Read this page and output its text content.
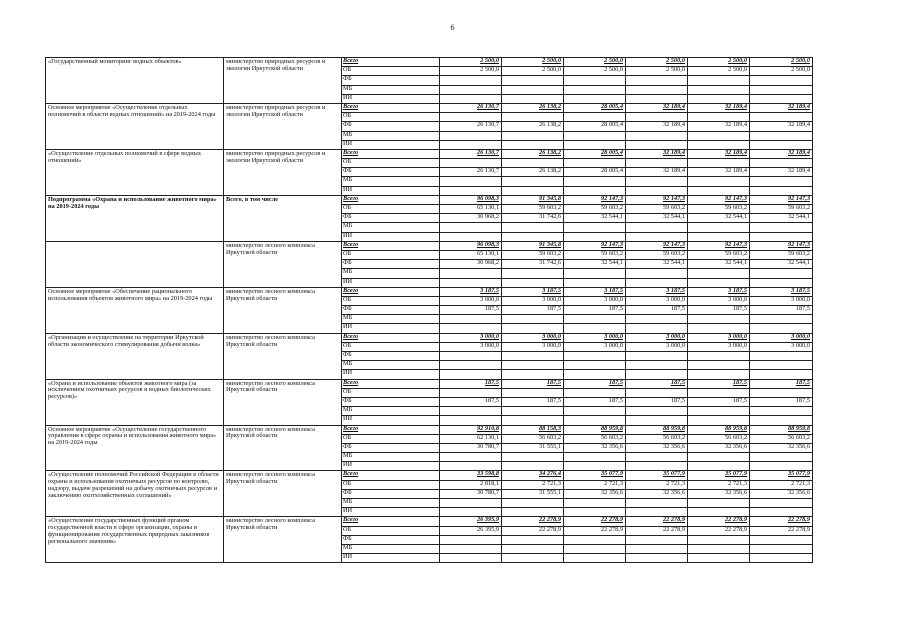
6
«Государственный мониторинг водных объектов»	министерство природных ресурсов и экологии Иркутской области	Всего	2 500,0	2 500,0	2 500,0	2 500,0	2 500,0	2 500,0
		ОБ	2 500,0	2 500,0	2 500,0	2 500,0	2 500,0	2 500,0
		ФБ						
		МБ						
		ИИ						
Основное мероприятие «Осуществление отдельных полномочий в области водных отношений» на 2019-2024 годы	министерство природных ресурсов и экологии Иркутской области	Всего	26 130,7	26 138,2	28 005,4	32 189,4	32 189,4	32 189,4
		ОБ						
		ФБ	26 130,7	26 138,2	28 005,4	32 189,4	32 189,4	32 189,4
		МБ						
		ИИ						
«Осуществление отдельных полномочий в сфере водных отношений»	министерство природных ресурсов и экологии Иркутской области	Всего	26 130,7	26 138,2	28 005,4	32 189,4	32 189,4	32 189,4
		ОБ						
		ФБ	26 130,7	26 138,2	28 005,4	32 189,4	32 189,4	32 189,4
		МБ						
		ИИ						
Подпрограмма «Охрана и использование животного мира» на 2019-2024 годы	Всего, в том числе	Всего	96 098,3	91 345,8	92 147,3	92 147,3	92 147,3	92 147,3
		ОБ	65 130,1	59 603,2	59 603,2	59 603,2	59 603,2	59 603,2
		ФБ	30 968,2	31 742,6	32 544,1	32 544,1	32 544,1	32 544,1
		МБ						
		ИИ						
	министерство лесного комплекса Иркутской области	Всего	96 098,3	91 345,8	92 147,3	92 147,3	92 147,3	92 147,3
		ОБ	65 130,1	59 603,2	59 603,2	59 603,2	59 603,2	59 603,2
		ФБ	30 968,2	31 742,6	32 544,1	32 544,1	32 544,1	32 544,1
		МБ						
		ИИ						
Основное мероприятие «Обеспечение рационального использования объектов животного мира» на 2019-2024 годы	министерство лесного комплекса Иркутской области	Всего	3 187,5	3 187,5	3 187,5	3 187,5	3 187,5	3 187,5
		ОБ	3 000,0	3 000,0	3 000,0	3 000,0	3 000,0	3 000,0
		ФБ	187,5	187,5	187,5	187,5	187,5	187,5
		МБ						
		ИИ						
«Организация и осуществление на территории Иркутской области экономического стимулирования добычи волка»	министерство лесного комплекса Иркутской области	Всего	3 000,0	3 000,0	3 000,0	3 000,0	3 000,0	3 000,0
		ОБ	3 000,0	3 000,0	3 000,0	3 000,0	3 000,0	3 000,0
		ФБ						
		МБ						
		ИИ						
«Охрана и использование объектов животного мира (за исключением охотничьих ресурсов и водных биологических ресурсов)»	министерство лесного комплекса Иркутской области	Всего	187,5	187,5	187,5	187,5	187,5	187,5
		ОБ						
		ФБ	187,5	187,5	187,5	187,5	187,5	187,5
		МБ						
		ИИ						
Основное мероприятие «Осуществление государственного управления в сфере охраны и использования животного мира» на 2019-2024 годы	министерство лесного комплекса Иркутской области	Всего	92 910,8	88 158,3	88 959,8	88 959,8	88 959,8	88 959,8
		ОБ	62 130,1	56 603,2	56 603,2	56 603,2	56 603,2	56 603,2
		ФБ	30 780,7	31 555,1	32 356,6	32 356,6	32 356,6	32 356,6
		МБ						
		ИИ						
«Осуществление полномочий Российской Федерации в области охраны и использования охотничьих ресурсов по контролю, надзору, выдаче разрешений на добычу охотничьих ресурсов и заключению охотхозяйственных соглашений»	министерство лесного комплекса Иркутской области	Всего	33 598,8	34 276,4	35 077,9	35 077,9	35 077,9	35 077,9
		ОБ	2 818,1	2 721,3	2 721,3	2 721,3	2 721,3	2 721,3
		ФБ	30 780,7	31 555,1	32 356,6	32 356,6	32 356,6	32 356,6
		МБ						
		ИИ						
«Осуществление государственных функций органом государственной власти в сфере организации, охраны и функционирования государственных природных заказников регионального значения»	министерство лесного комплекса Иркутской области	Всего	26 395,9	22 278,9	22 278,9	22 278,9	22 278,9	22 278,9
		ОБ	26 395,9	22 278,9	22 278,9	22 278,9	22 278,9	22 278,9
		ФБ						
		МБ						
		ИИ						
